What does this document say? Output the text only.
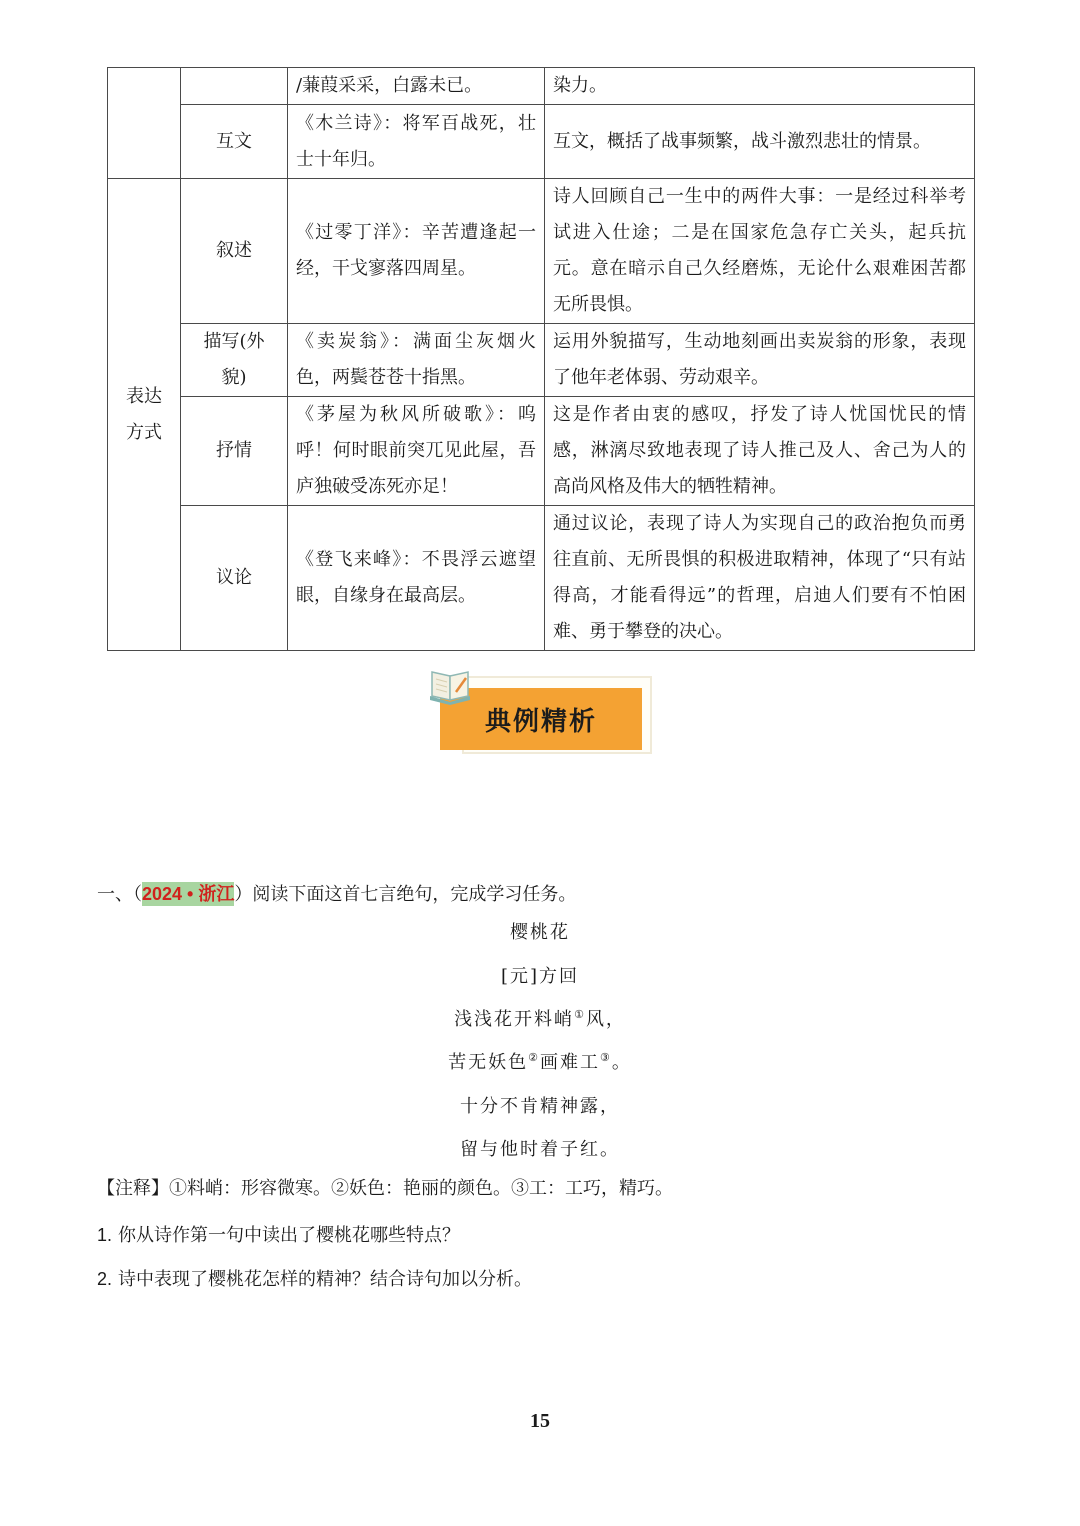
		/蒹葭采采，白露未已。	染力。
	互文	《木兰诗》：将军百战死，壮士十年归。	互文，概括了战事频繁，战斗激烈悲壮的情景。
表达方式	叙述	《过零丁洋》：辛苦遭逢起一经，干戈寥落四周星。	诗人回顾自己一生中的两件大事：一是经过科举考试进入仕途；二是在国家危急存亡关头，起兵抗元。意在暗示自己久经磨炼，无论什么艰难困苦都无所畏惧。
	描写(外貌)	《卖炭翁》：满面尘灰烟火色，两鬓苍苍十指黑。	运用外貌描写，生动地刻画出卖炭翁的形象，表现了他年老体弱、劳动艰辛。
	抒情	《茅屋为秋风所破歌》：呜呼！何时眼前突兀见此屋，吾庐独破受冻死亦足！	这是作者由衷的感叹，抒发了诗人忧国忧民的情感，淋漓尽致地表现了诗人推己及人、舍己为人的高尚风格及伟大的牺牲精神。
	议论	《登飞来峰》：不畏浮云遮望眼，自缘身在最高层。	通过议论，表现了诗人为实现自己的政治抱负而勇往直前、无所畏惧的积极进取精神，体现了“只有站得高，才能看得远”的哲理，启迪人们要有不怕困难、勇于攀登的决心。
典例精析
一、（2024 • 浙江）阅读下面这首七言绝句，完成学习任务。
樱桃花
[元]方回
浅浅花开料峭①风，
苦无妖色②画难工③。
十分不肯精神露，
留与他时着子红。
【注释】①料峭：形容微寒。②妖色：艳丽的颜色。③工：工巧，精巧。
1. 你从诗作第一句中读出了樱桃花哪些特点？
2. 诗中表现了樱桃花怎样的精神？结合诗句加以分析。
15
